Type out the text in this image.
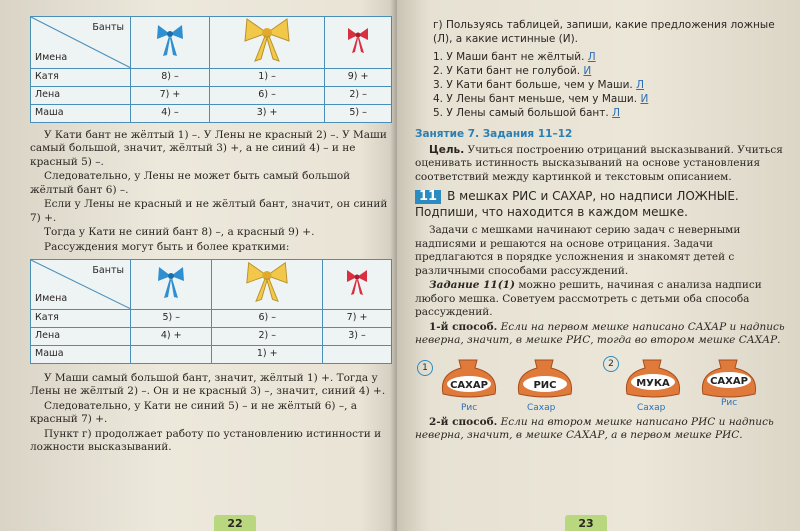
Банты
Имена

Катя	8) –	1) –	9) +
Лена	7) +	6) –	2) –
Маша	4) –	3) +	5) –

У Кати бант не жёлтый 1) –. У Лены не красный 2) –. У Маши самый большой, значит, жёлтый 3) +, а не синий 4) – и не красный 5) –.

Следовательно, у Лены не может быть самый большой жёлтый бант 6) –.

Если у Лены не красный и не жёлтый бант, значит, он синий 7) +.

Тогда у Кати не синий бант 8) –, а красный 9) +.

Рассуждения могут быть и более краткими:

Банты
Имена

Катя	5) –	6) –	7) +
Лена	4) +	2) –	3) –
Маша		1) +	

У Маши самый большой бант, значит, жёлтый 1) +. Тогда у Лены не жёлтый 2) –. Он и не красный 3) –, значит, синий 4) +.

Следовательно, у Кати не синий 5) – и не жёлтый 6) –, а красный 7) +.

Пункт г) продолжает работу по установлению истинности и ложности высказываний.

22
г) Пользуясь таблицей, запиши, какие предложения ложные (Л), а какие истинные (И).
1. У Маши бант не жёлтый. Л
2. У Кати бант не голубой. И
3. У Кати бант больше, чем у Маши. Л
4. У Лены бант меньше, чем у Маши. И
5. У Лены самый большой бант. Л
Занятие 7. Задания 11–12

Цель. Учиться построению отрицаний высказываний. Учиться оценивать истинность высказываний на основе установления соответствий между картинкой и текстовым описанием.

11 В мешках РИС и САХАР, но надписи ЛОЖНЫЕ. Подпиши, что находится в каждом мешке.

Задачи с мешками начинают серию задач с неверными надписями и решаются на основе отрицания. Задачи предлагаются в порядке усложнения и знакомят детей с различными способами рассуждений.

Задание 11(1) можно решить, начиная с анализа надписи любого мешка. Советуем рассмотреть с детьми оба способа рассуждений.

1-й способ. Если на первом мешке написано САХАР и надпись неверна, значит, в мешке РИС, тогда во втором мешке САХАР.

1
САХАР	РИС
Рис	Сахар
2
МУКА	САХАР
Сахар	Рис

2-й способ. Если на втором мешке написано РИС и надпись неверна, значит, в мешке САХАР, а в первом мешке РИС.

23
